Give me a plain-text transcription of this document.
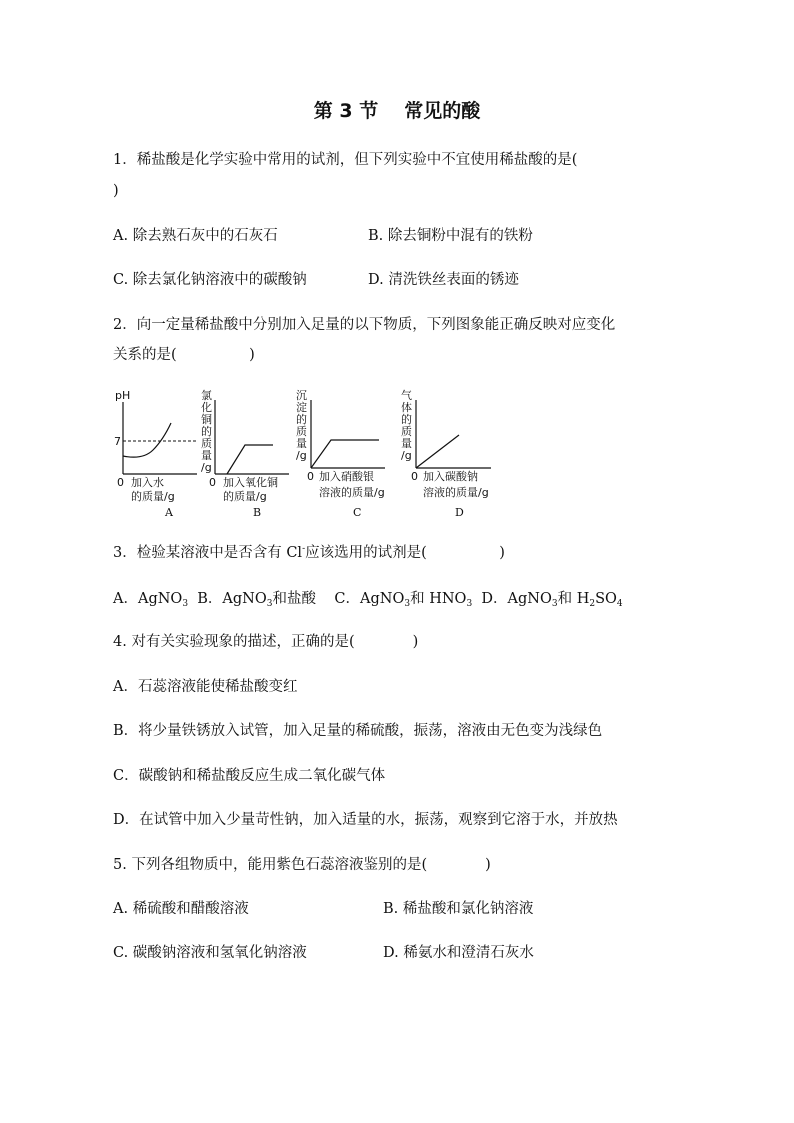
第 3 节 常见的酸
1．稀盐酸是化学实验中常用的试剂，但下列实验中不宜使用稀盐酸的是(
)
A. 除去熟石灰中的石灰石	B. 除去铜粉中混有的铁粉
C. 除去氯化钠溶液中的碳酸钠	D. 清洗铁丝表面的锈迹
2．向一定量稀盐酸中分别加入足量的以下物质，下列图象能正确反映对应变化
关系的是(　　　　　)
pH
7
0 加入水
的质量/g
A
氯
化
铜
的
质
量
/g
0 加入氧化铜
的质量/g
B
沉
淀
的
质
量
/g
0 加入硝酸银
溶液的质量/g
C
气
体
的
质
量
/g
0 加入碳酸钠
溶液的质量/g
D
3．检验某溶液中是否含有 Cl-应该选用的试剂是(　　　　　)
A．AgNO$_3$ B．AgNO$_3$和盐酸 C．AgNO$_3$和 $HNO_3$ D．AgNO$_3$和 $H_2SO_4$
4. 对有关实验现象的描述，正确的是(　　　　)
A．石蕊溶液能使稀盐酸变红
B．将少量铁锈放入试管，加入足量的稀硫酸，振荡，溶液由无色变为浅绿色
C．碳酸钠和稀盐酸反应生成二氧化碳气体
D．在试管中加入少量苛性钠，加入适量的水，振荡，观察到它溶于水，并放热
5. 下列各组物质中，能用紫色石蕊溶液鉴别的是(　　　　)
A. 稀硫酸和醋酸溶液	B. 稀盐酸和氯化钠溶液
C. 碳酸钠溶液和氢氧化钠溶液	D. 稀氨水和澄清石灰水
